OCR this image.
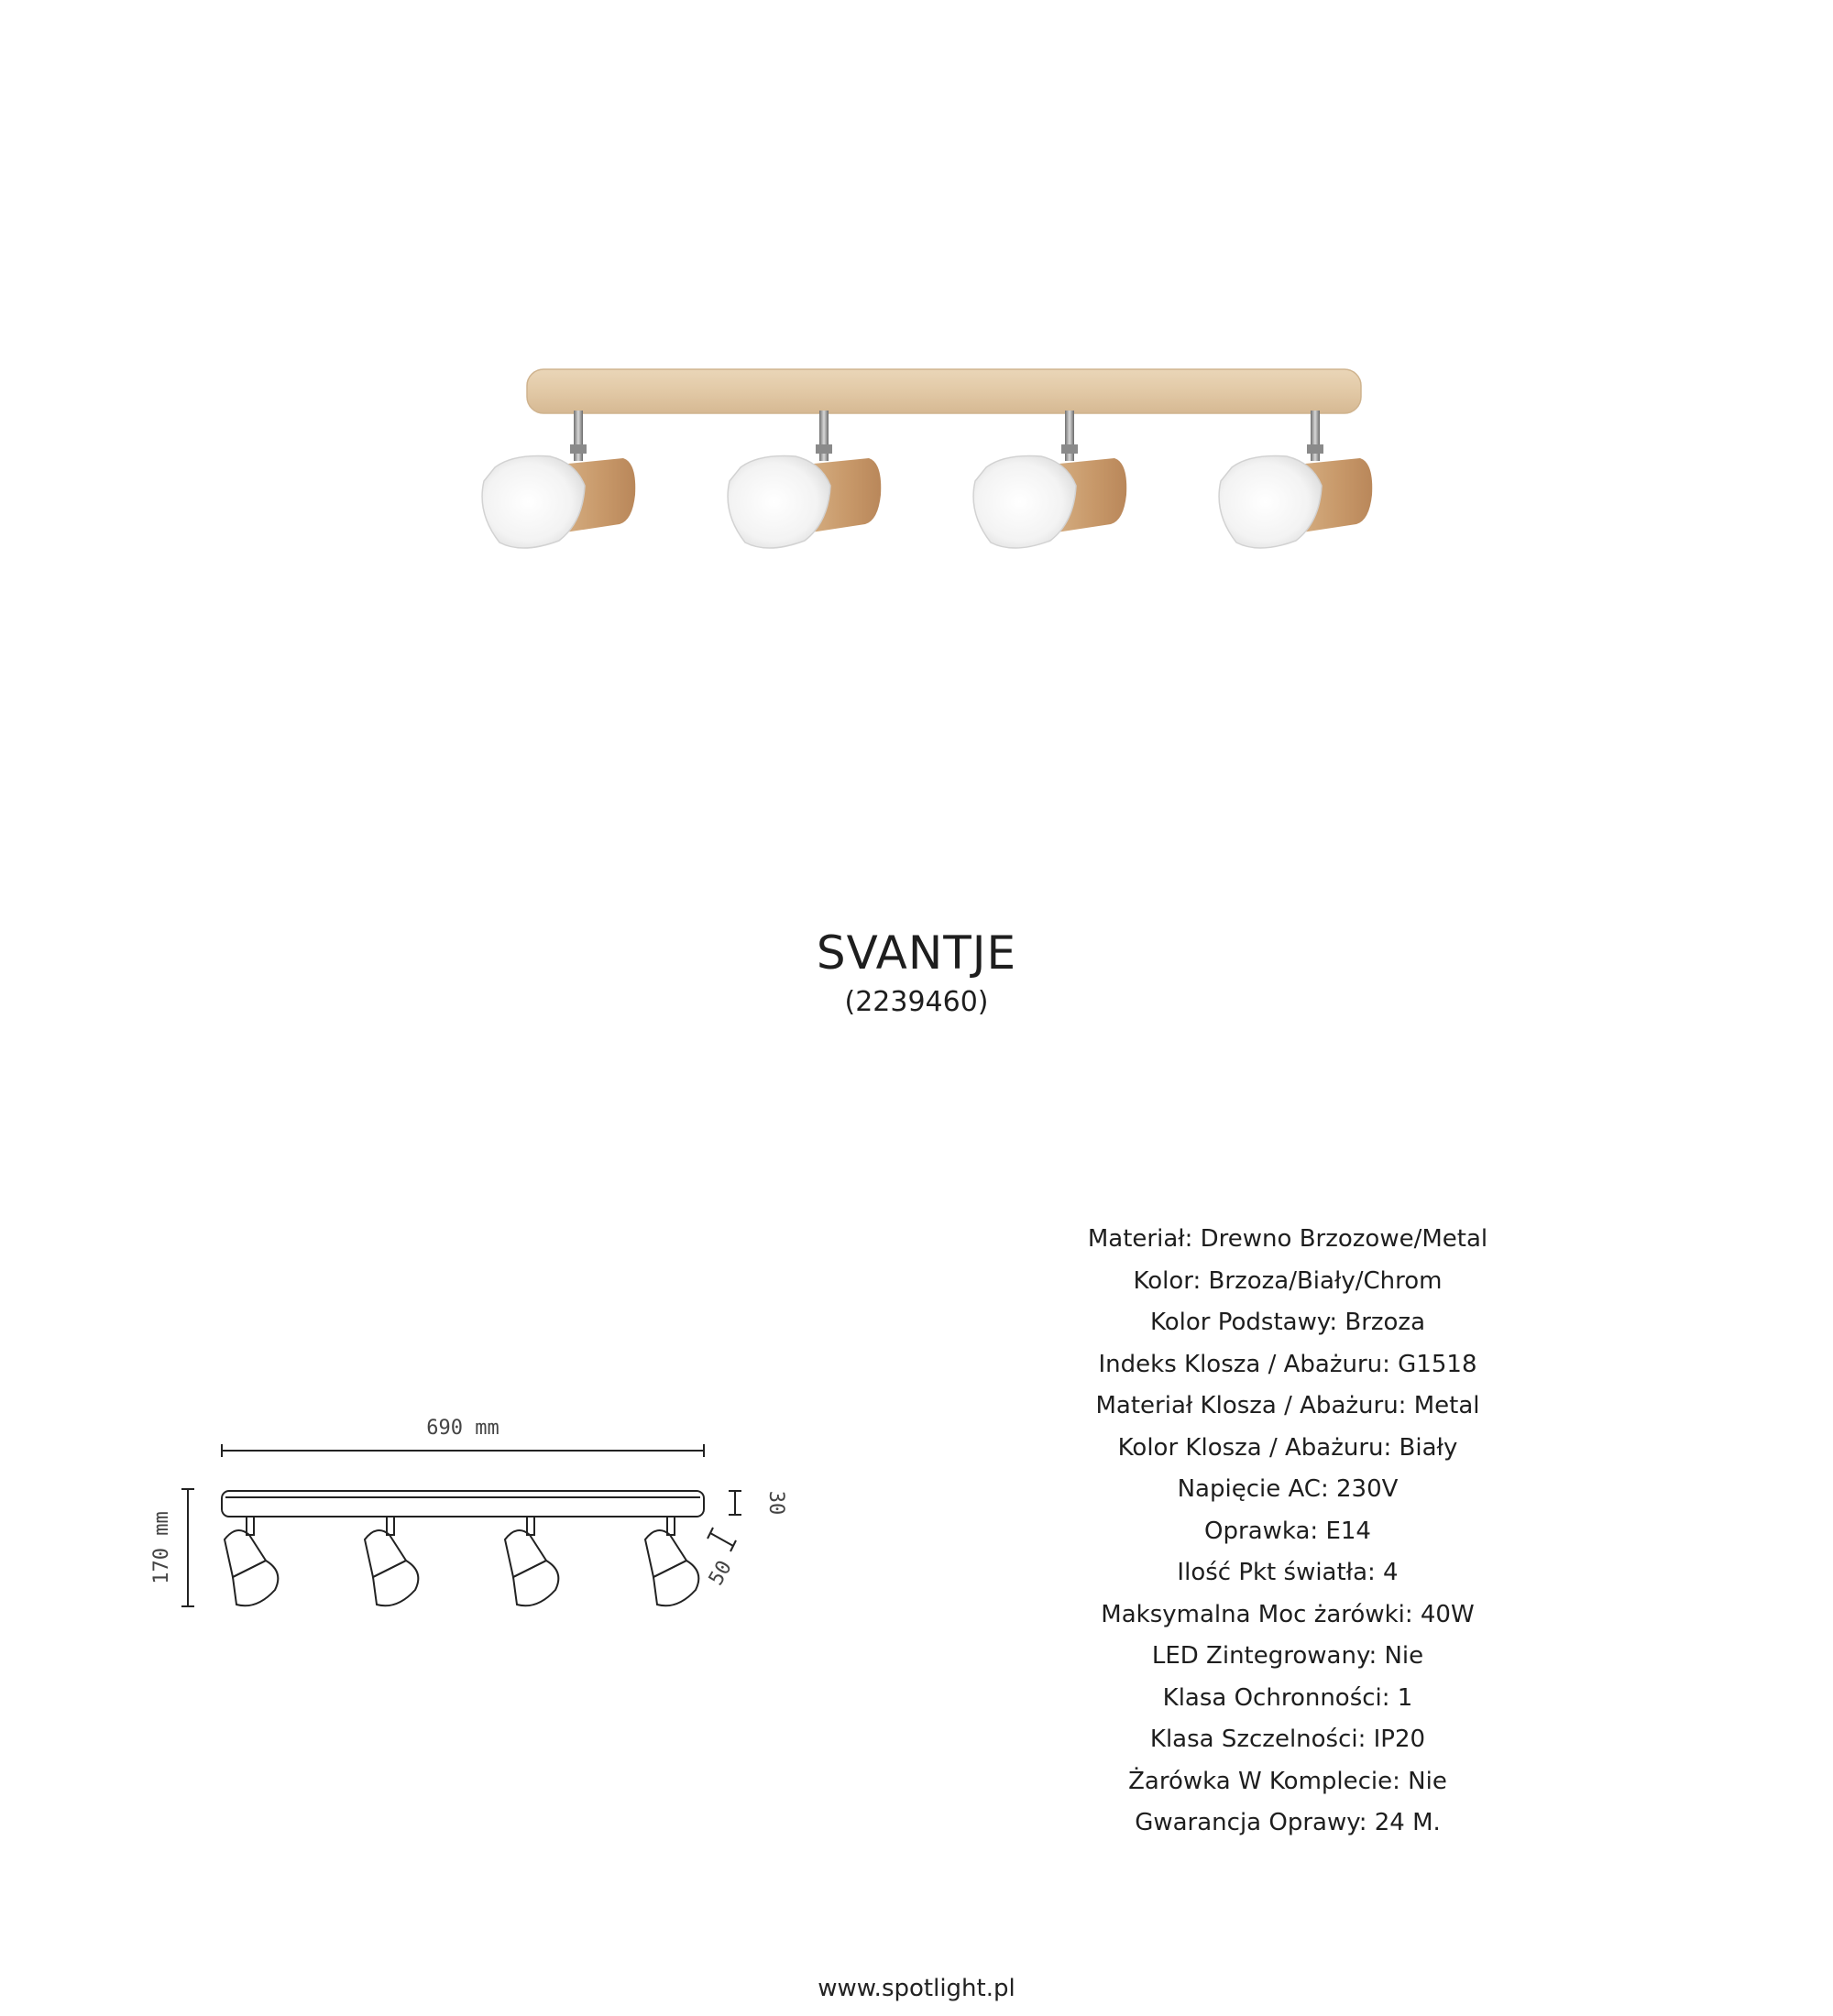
SVANTJE
(2239460)
690 mm
170 mm
30
50
Materiał: Drewno Brzozowe/Metal
Kolor: Brzoza/Biały/Chrom
Kolor Podstawy: Brzoza
Indeks Klosza / Abażuru: G1518
Materiał Klosza / Abażuru: Metal
Kolor Klosza / Abażuru: Biały
Napięcie AC: 230V
Oprawka: E14
Ilość Pkt światła: 4
Maksymalna Moc żarówki: 40W
LED Zintegrowany: Nie
Klasa Ochronności: 1
Klasa Szczelności: IP20
Żarówka W Komplecie: Nie
Gwarancja Oprawy: 24 M.
www.spotlight.pl
